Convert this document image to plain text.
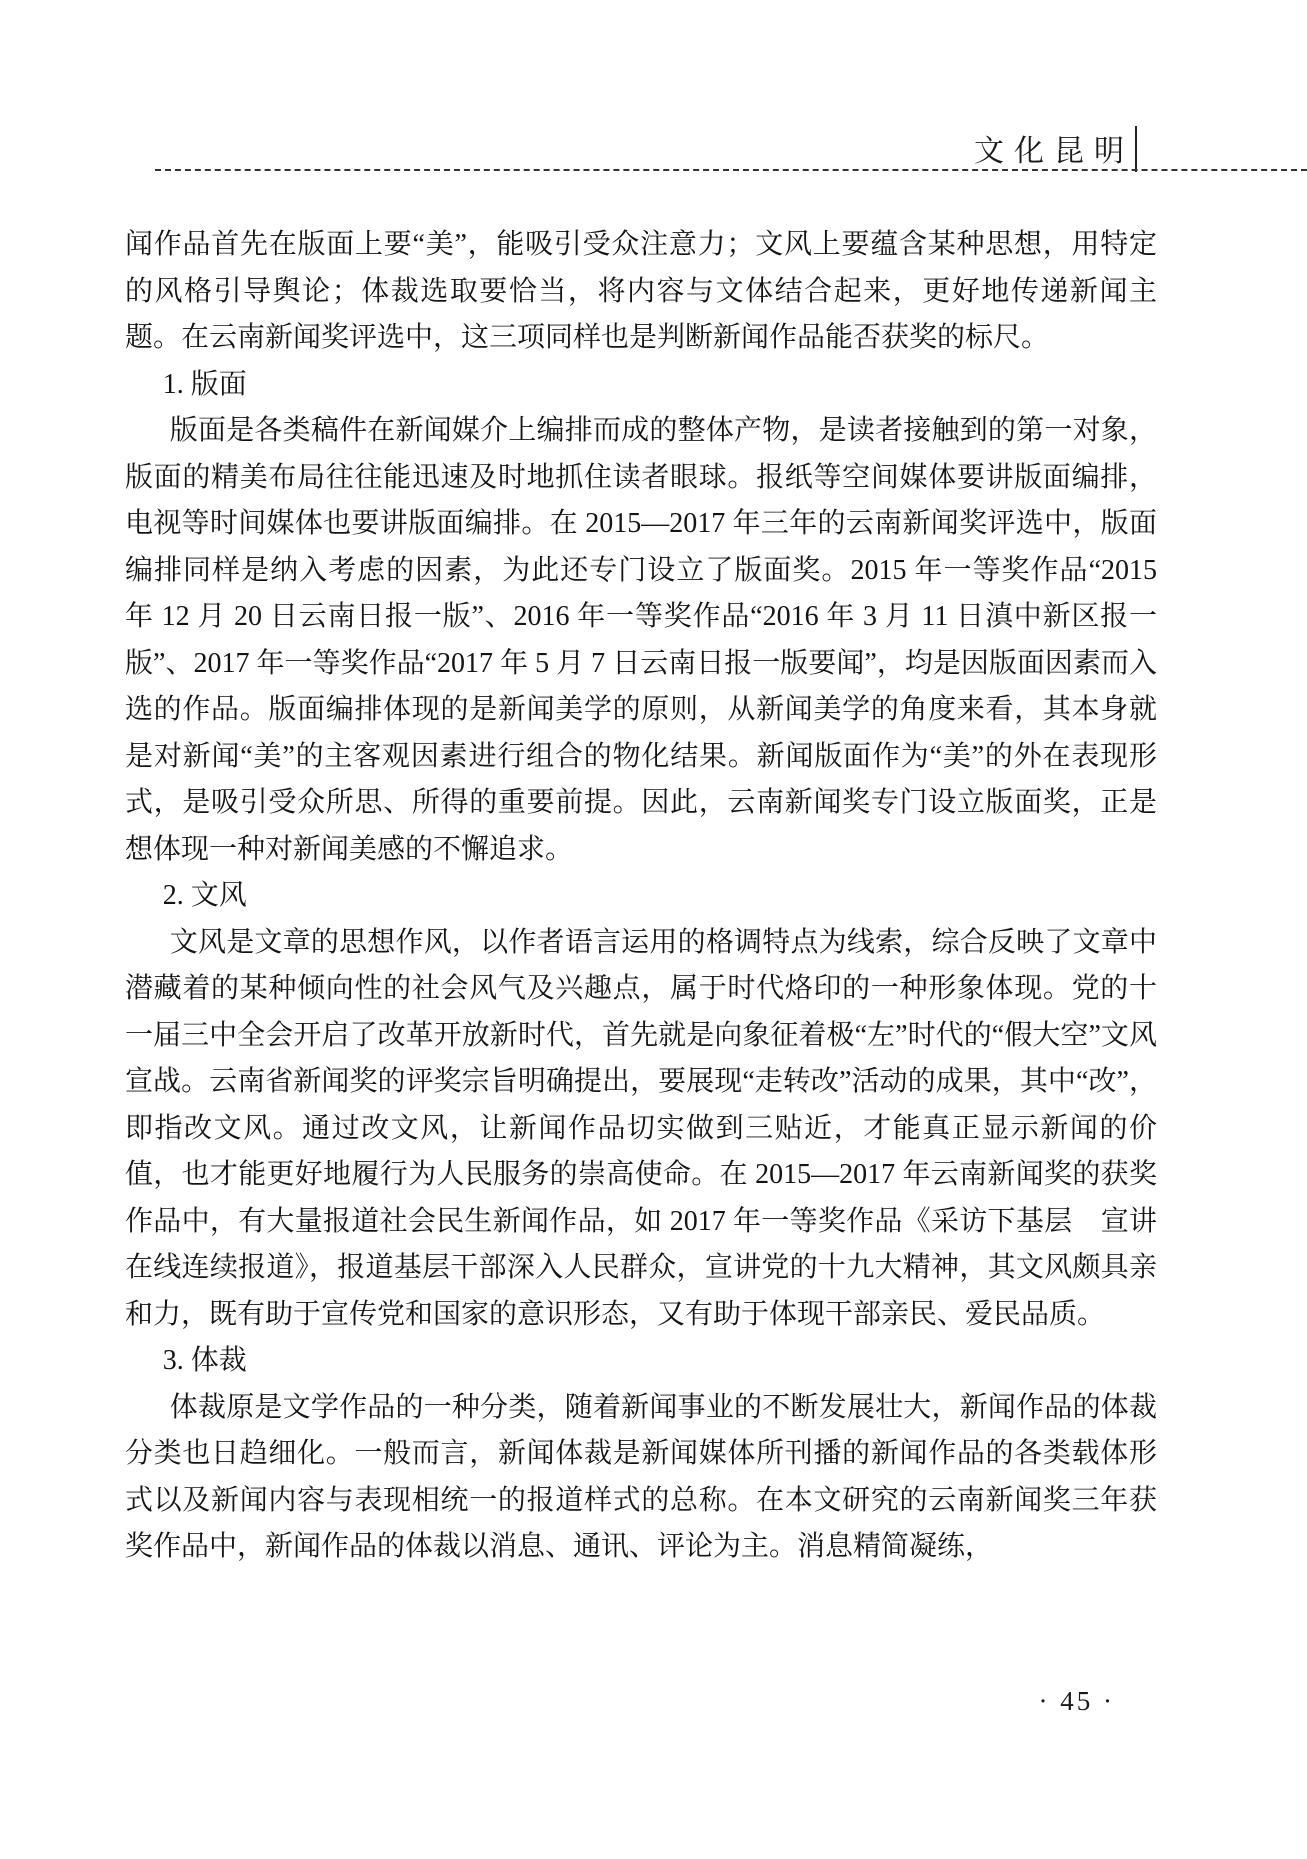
文化昆明

闻作品首先在版面上要“美”，能吸引受众注意力；文风上要蕴含某种思想，用特定的风格引导舆论；体裁选取要恰当，将内容与文体结合起来，更好地传递新闻主题。在云南新闻奖评选中，这三项同样也是判断新闻作品能否获奖的标尺。

1. 版面

版面是各类稿件在新闻媒介上编排而成的整体产物，是读者接触到的第一对象，版面的精美布局往往能迅速及时地抓住读者眼球。报纸等空间媒体要讲版面编排，电视等时间媒体也要讲版面编排。在 2015—2017 年三年的云南新闻奖评选中，版面编排同样是纳入考虑的因素，为此还专门设立了版面奖。2015 年一等奖作品“2015 年 12 月 20 日云南日报一版”、2016 年一等奖作品“2016 年 3 月 11 日滇中新区报一版”、2017 年一等奖作品“2017 年 5 月 7 日云南日报一版要闻”，均是因版面因素而入选的作品。版面编排体现的是新闻美学的原则，从新闻美学的角度来看，其本身就是对新闻“美”的主客观因素进行组合的物化结果。新闻版面作为“美”的外在表现形式，是吸引受众所思、所得的重要前提。因此，云南新闻奖专门设立版面奖，正是想体现一种对新闻美感的不懈追求。

2. 文风

文风是文章的思想作风，以作者语言运用的格调特点为线索，综合反映了文章中潜藏着的某种倾向性的社会风气及兴趣点，属于时代烙印的一种形象体现。党的十一届三中全会开启了改革开放新时代，首先就是向象征着极“左”时代的“假大空”文风宣战。云南省新闻奖的评奖宗旨明确提出，要展现“走转改”活动的成果，其中“改”，即指改文风。通过改文风，让新闻作品切实做到三贴近，才能真正显示新闻的价值，也才能更好地履行为人民服务的崇高使命。在 2015—2017 年云南新闻奖的获奖作品中，有大量报道社会民生新闻作品，如 2017 年一等奖作品《采访下基层　宣讲在线连续报道》，报道基层干部深入人民群众，宣讲党的十九大精神，其文风颇具亲和力，既有助于宣传党和国家的意识形态，又有助于体现干部亲民、爱民品质。

3. 体裁

体裁原是文学作品的一种分类，随着新闻事业的不断发展壮大，新闻作品的体裁分类也日趋细化。一般而言，新闻体裁是新闻媒体所刊播的新闻作品的各类载体形式以及新闻内容与表现相统一的报道样式的总称。在本文研究的云南新闻奖三年获奖作品中，新闻作品的体裁以消息、通讯、评论为主。消息精简凝练，

· 45 ·
